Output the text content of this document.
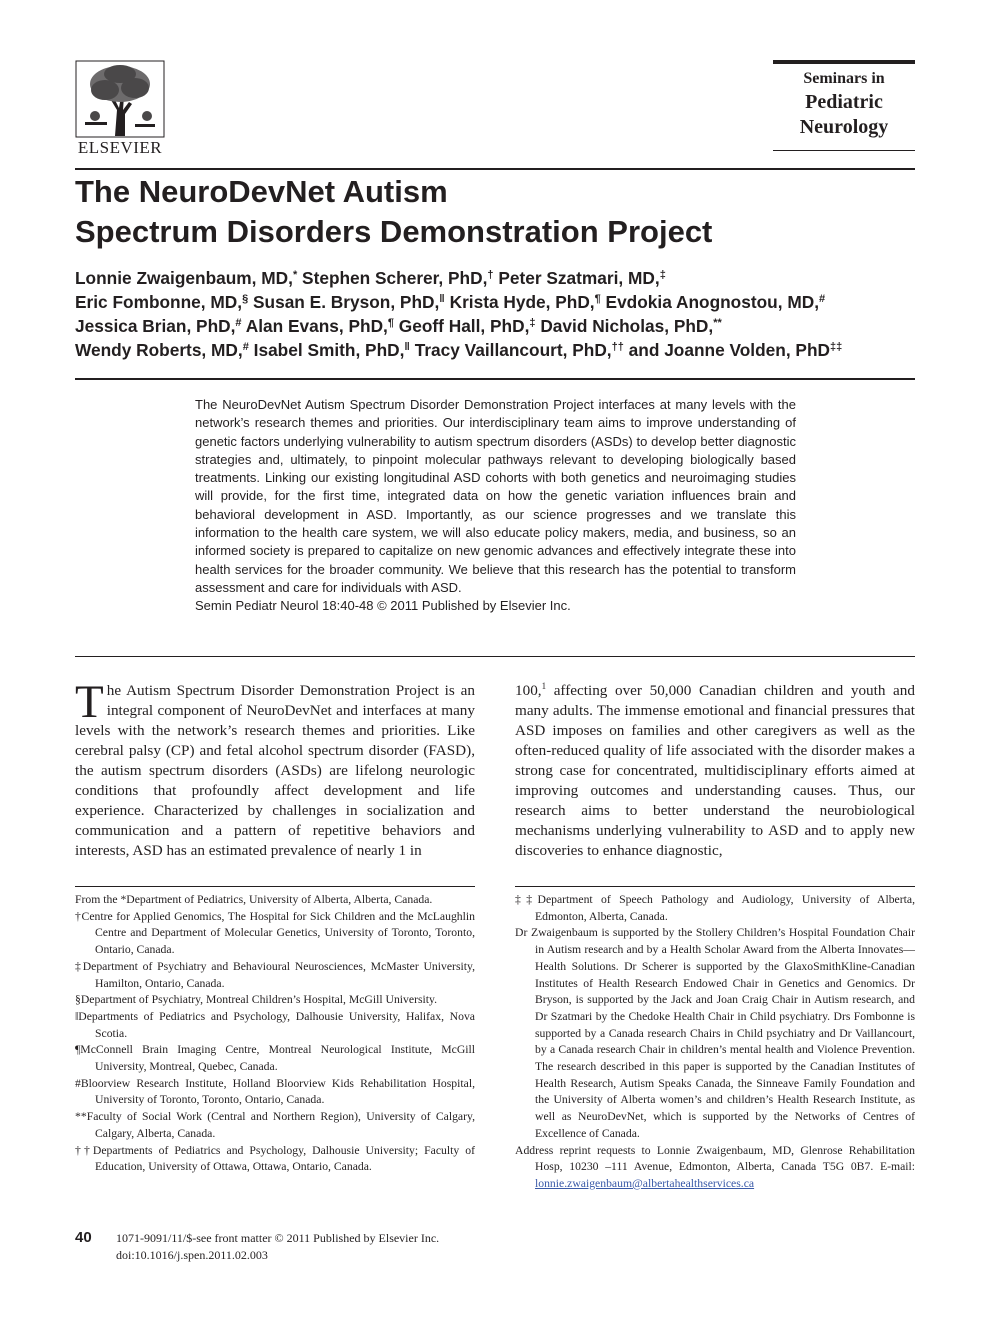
ELSEVIER
Seminars in
Pediatric
Neurology
The NeuroDevNet Autism
Spectrum Disorders Demonstration Project
Lonnie Zwaigenbaum, MD,* Stephen Scherer, PhD,† Peter Szatmari, MD,‡
Eric Fombonne, MD,§ Susan E. Bryson, PhD,‖ Krista Hyde, PhD,¶ Evdokia Anognostou, MD,#
Jessica Brian, PhD,# Alan Evans, PhD,¶ Geoff Hall, PhD,‡ David Nicholas, PhD,**
Wendy Roberts, MD,# Isabel Smith, PhD,‖ Tracy Vaillancourt, PhD,†† and Joanne Volden, PhD‡‡
The NeuroDevNet Autism Spectrum Disorder Demonstration Project interfaces at many levels with the network’s research themes and priorities. Our interdisciplinary team aims to improve understanding of genetic factors underlying vulnerability to autism spectrum disorders (ASDs) to develop better diagnostic strategies and, ultimately, to pinpoint molecular pathways relevant to developing biologically based treatments. Linking our existing longitudinal ASD cohorts with both genetics and neuroimaging studies will provide, for the first time, integrated data on how the genetic variation influences brain and behavioral development in ASD. Importantly, as our science progresses and we translate this information to the health care system, we will also educate policy makers, media, and business, so an informed society is prepared to capitalize on new genomic advances and effectively integrate these into health services for the broader community. We believe that this research has the potential to transform assessment and care for individuals with ASD.
Semin Pediatr Neurol 18:40-48 © 2011 Published by Elsevier Inc.
The Autism Spectrum Disorder Demonstration Project is an integral component of NeuroDevNet and interfaces at many levels with the network’s research themes and priorities. Like cerebral palsy (CP) and fetal alcohol spectrum disorder (FASD), the autism spectrum disorders (ASDs) are lifelong neurologic conditions that profoundly affect development and life experience. Characterized by challenges in socialization and communication and a pattern of repetitive behaviors and interests, ASD has an estimated prevalence of nearly 1 in
100,$^1$ affecting over 50,000 Canadian children and youth and many adults. The immense emotional and financial pressures that ASD imposes on families and other caregivers as well as the often-reduced quality of life associated with the disorder makes a strong case for concentrated, multidisciplinary efforts aimed at improving outcomes and understanding causes. Thus, our research aims to better understand the neurobiological mechanisms underlying vulnerability to ASD and to apply new discoveries to enhance diagnostic,

From the *Department of Pediatrics, University of Alberta, Alberta, Canada.

†Centre for Applied Genomics, The Hospital for Sick Children and the McLaughlin Centre and Department of Molecular Genetics, University of Toronto, Toronto, Ontario, Canada.

‡Department of Psychiatry and Behavioural Neurosciences, McMaster University, Hamilton, Ontario, Canada.

§Department of Psychiatry, Montreal Children’s Hospital, McGill University.

‖Departments of Pediatrics and Psychology, Dalhousie University, Halifax, Nova Scotia.

¶McConnell Brain Imaging Centre, Montreal Neurological Institute, McGill University, Montreal, Quebec, Canada.

#Bloorview Research Institute, Holland Bloorview Kids Rehabilitation Hospital, University of Toronto, Toronto, Ontario, Canada.

**Faculty of Social Work (Central and Northern Region), University of Calgary, Calgary, Alberta, Canada.

††Departments of Pediatrics and Psychology, Dalhousie University; Faculty of Education, University of Ottawa, Ottawa, Ontario, Canada.

‡‡Department of Speech Pathology and Audiology, University of Alberta, Edmonton, Alberta, Canada.

Dr Zwaigenbaum is supported by the Stollery Children’s Hospital Foundation Chair in Autism research and by a Health Scholar Award from the Alberta Innovates—Health Solutions. Dr Scherer is supported by the GlaxoSmithKline-Canadian Institutes of Health Research Endowed Chair in Genetics and Genomics. Dr Bryson, is supported by the Jack and Joan Craig Chair in Autism research, and Dr Szatmari by the Chedoke Health Chair in Child psychiatry. Drs Fombonne is supported by a Canada research Chairs in Child psychiatry and Dr Vaillancourt, by a Canada research Chair in children’s mental health and Violence Prevention. The research described in this paper is supported by the Canadian Institutes of Health Research, Autism Speaks Canada, the Sinneave Family Foundation and the University of Alberta women’s and children’s Health Research Institute, as well as NeuroDevNet, which is supported by the Networks of Centres of Excellence of Canada.

Address reprint requests to Lonnie Zwaigenbaum, MD, Glenrose Rehabilitation Hosp, 10230 –111 Avenue, Edmonton, Alberta, Canada T5G 0B7. E-mail: lonnie.zwaigenbaum@albertahealthservices.ca

40 1071-9091/11/$-see front matter © 2011 Published by Elsevier Inc.
doi:10.1016/j.spen.2011.02.003
